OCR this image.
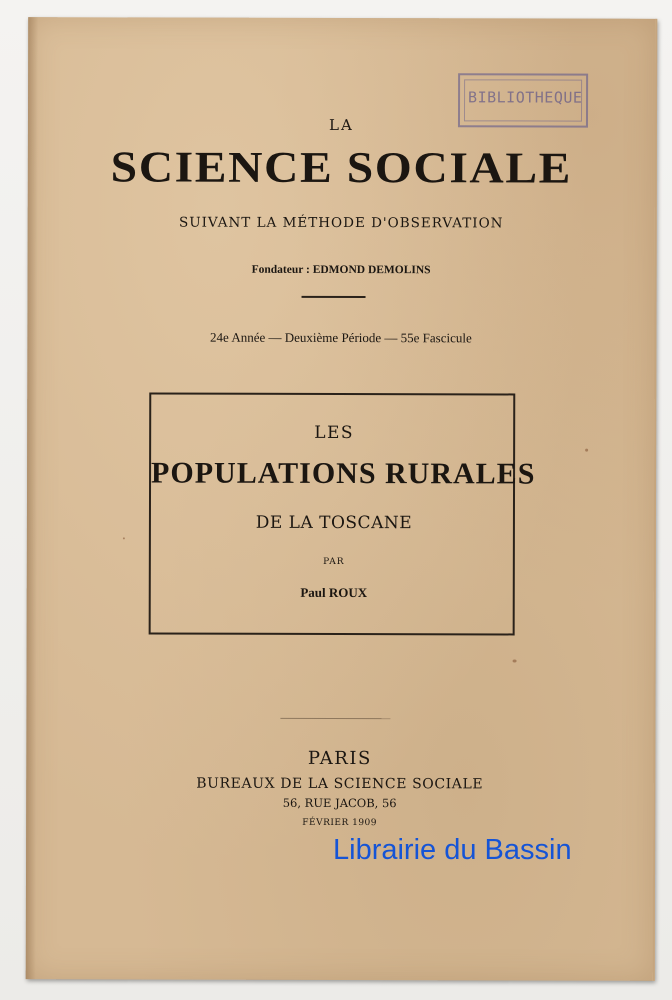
BIBLIOTHEQUE
LA
SCIENCE SOCIALE
SUIVANT LA MÉTHODE D'OBSERVATION
Fondateur : EDMOND DEMOLINS
24e Année — Deuxième Période — 55e Fascicule
LES
POPULATIONS RURALES
DE LA TOSCANE
PAR
Paul ROUX
PARIS
BUREAUX DE LA SCIENCE SOCIALE
56, RUE JACOB, 56
FÉVRIER 1909
Librairie du Bassin
